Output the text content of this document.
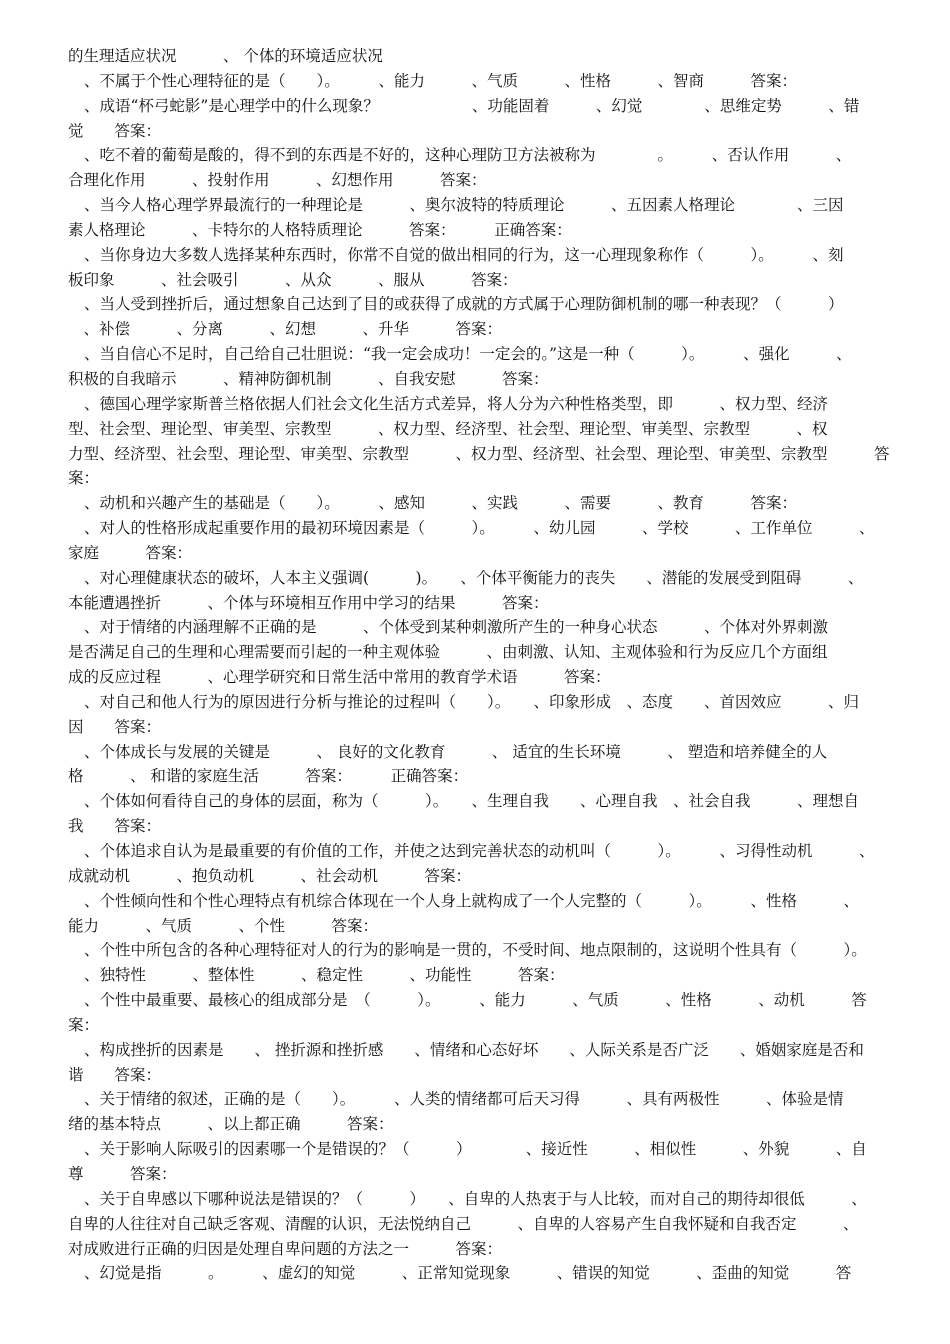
的生理适应状况　　　、 个体的环境适应状况
、不属于个性心理特征的是（　　）。　　　、能力　　　、气质　　　、性格　　　、智商　　　答案：
、成语“杯弓蛇影”是心理学中的什么现象？　　　　　　、功能固着　　　、幻觉　　　　、思维定势　　　、错
觉　　答案：
、吃不着的葡萄是酸的，得不到的东西是不好的，这种心理防卫方法被称为　　　　。　　　、否认作用　　　、
合理化作用　　　、投射作用　　　、幻想作用　　　答案：
、当今人格心理学界最流行的一种理论是　　　、奥尔波特的特质理论　　　、五因素人格理论　　　　、三因
素人格理论　　　、卡特尔的人格特质理论　　　答案：　　　正确答案：
、当你身边大多数人选择某种东西时，你常不自觉的做出相同的行为，这一心理现象称作（　　　）。　　　、刻
板印象　　　、社会吸引　　　、从众　　　、服从　　　答案：
、当人受到挫折后，通过想象自己达到了目的或获得了成就的方式属于心理防御机制的哪一种表现？（　　　）
　、补偿　　　、分离　　　、幻想　　　、升华　　　答案：
、当自信心不足时，自己给自己壮胆说：“我一定会成功！一定会的。”这是一种（　　　）。　　　、强化　　　、
积极的自我暗示　　　、精神防御机制　　　、自我安慰　　　答案：
、德国心理学家斯普兰格依据人们社会文化生活方式差异，将人分为六种性格类型，即　　　、权力型、经济
型、社会型、理论型、审美型、宗教型　　　、权力型、经济型、社会型、理论型、审美型、宗教型　　　、权
力型、经济型、社会型、理论型、审美型、宗教型　　　、权力型、经济型、社会型、理论型、审美型、宗教型　　　答
案：
、动机和兴趣产生的基础是（　　）。　　　、感知　　　、实践　　　、需要　　　、教育　　　答案：
、对人的性格形成起重要作用的最初环境因素是（　　　）。　　　、幼儿园　　　、学校　　　、工作单位　　　、
家庭　　　答案：
、对心理健康状态的破坏，人本主义强调(　　　)。　　、个体平衡能力的丧失　　、潜能的发展受到阻碍　　　、
本能遭遇挫折　　　、个体与环境相互作用中学习的结果　　　答案：
、对于情绪的内涵理解不正确的是　　　、个体受到某种刺激所产生的一种身心状态　　　、个体对外界刺激
是否满足自己的生理和心理需要而引起的一种主观体验　　　、由刺激、认知、主观体验和行为反应几个方面组
成的反应过程　　　、心理学研究和日常生活中常用的教育学术语　　　答案：
、对自己和他人行为的原因进行分析与推论的过程叫（　　）。　　、印象形成　、态度　　、首因效应　　　、归
因　　答案：
、个体成长与发展的关键是　　　、 良好的文化教育　　　、 适宜的生长环境　　　、 塑造和培养健全的人
格　　　、 和谐的家庭生活　　　答案：　　　正确答案：
、个体如何看待自己的身体的层面，称为（　　　）。　　、生理自我　　、心理自我　、社会自我　　　、理想自
我　　答案：
、个体追求自认为是最重要的有价值的工作，并使之达到完善状态的动机叫（　　　）。　　　、习得性动机　　　、
成就动机　　　、抱负动机　　　、社会动机　　　答案：
、个性倾向性和个性心理特点有机综合体现在一个人身上就构成了一个人完整的（　　　）。　　　、性格　　　、
能力　　　、气质　　　、个性　　　答案：
、个性中所包含的各种心理特征对人的行为的影响是一贯的，不受时间、地点限制的，这说明个性具有（　　　）。
、独特性　　　、整体性　　　、稳定性　　　、功能性　　　答案：
、个性中最重要、最核心的组成部分是　（　　　）。　　　、能力　　　、气质　　　、性格　　　、动机　　　答
案：
、构成挫折的因素是　　、 挫折源和挫折感　　、情绪和心态好坏　　、人际关系是否广泛　　、婚姻家庭是否和
谐　　答案：
、关于情绪的叙述，正确的是（　　）。　　　、人类的情绪都可后天习得　　　、具有两极性　　　、体验是情
绪的基本特点　　　、以上都正确　　　答案：
、关于影响人际吸引的因素哪一个是错误的？（　　　）　　　　、接近性　　　、相似性　　　、外貌　　　、自
尊　　　答案：
、关于自卑感以下哪种说法是错误的？（　　　）　　、自卑的人热衷于与人比较，而对自己的期待却很低　　　、
自卑的人往往对自己缺乏客观、清醒的认识，无法悦纳自己　　　、自卑的人容易产生自我怀疑和自我否定　　　、
对成败进行正确的归因是处理自卑问题的方法之一　　　答案：
、幻觉是指　　　。　　　、虚幻的知觉　　　、正常知觉现象　　　、错误的知觉　　　、歪曲的知觉　　　答
